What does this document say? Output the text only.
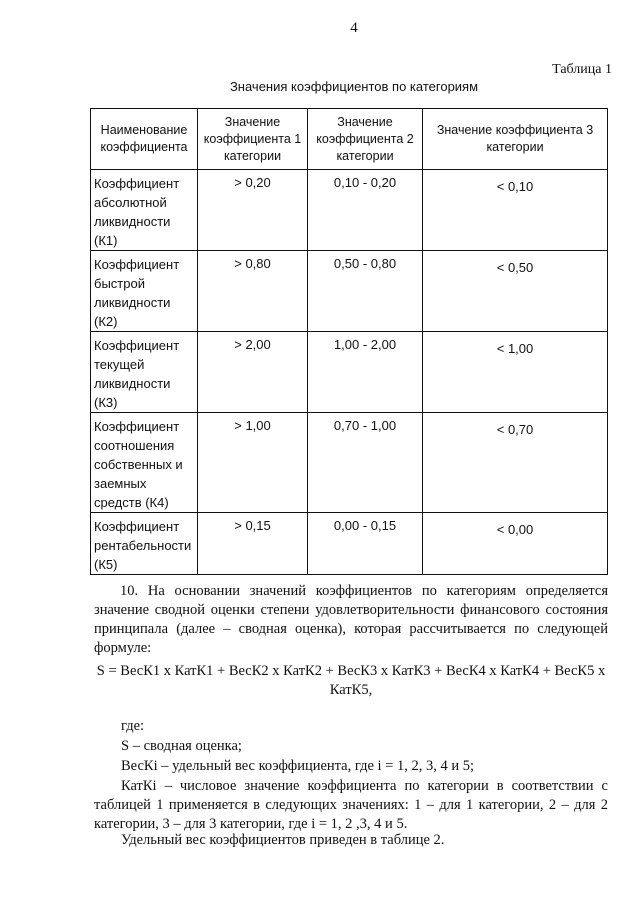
4
Таблица 1
Значения коэффициентов по категориям
Наименование коэффициента	Значение коэффициента 1 категории	Значение коэффициента 2 категории	Значение коэффициента 3 категории
Коэффициент абсолютной ликвидности (К1)	> 0,20	0,10 - 0,20	< 0,10
Коэффициент быстрой ликвидности (К2)	> 0,80	0,50 - 0,80	< 0,50
Коэффициент текущей ликвидности (К3)	> 2,00	1,00 - 2,00	< 1,00
Коэффициент соотношения собственных и заемных средств (К4)	> 1,00	0,70 - 1,00	< 0,70
Коэффициент рентабельности (К5)	> 0,15	0,00 - 0,15	< 0,00
10. На основании значений коэффициентов по категориям определяется значение сводной оценки степени удовлетворительности финансового состояния принципала (далее – сводная оценка), которая рассчитывается по следующей формуле:
S = ВесК1 x КатК1 + ВесК2 x КатК2 + ВесК3 x КатК3 + ВесК4 x КатК4 + ВесК5 x КатК5,
где:
S – сводная оценка;
ВесКi – удельный вес коэффициента, где i = 1, 2, 3, 4 и 5;
КатКi – числовое значение коэффициента по категории в соответствии с таблицей 1 применяется в следующих значениях: 1 – для 1 категории, 2 – для 2 категории, 3 – для 3 категории, где i = 1, 2 ,3, 4 и 5.
Удельный вес коэффициентов приведен в таблице 2.
